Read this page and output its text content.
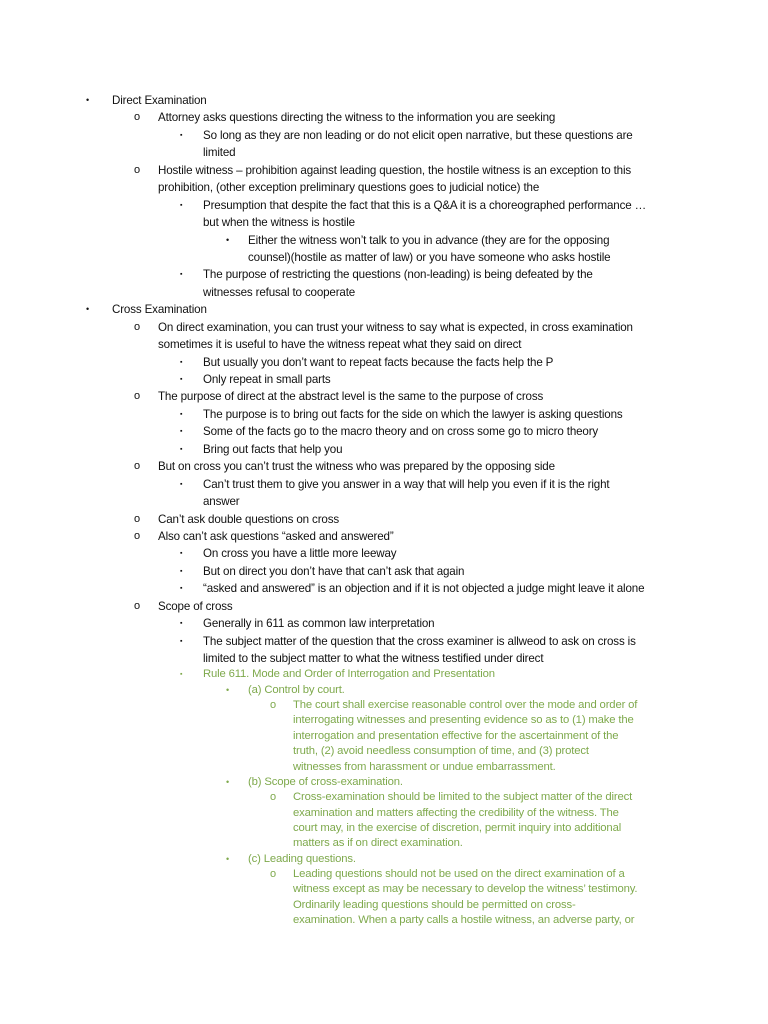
• Direct Examination
o Attorney asks questions directing the witness to the information you are seeking
▪ So long as they are non leading or do not elicit open narrative, but these questions are
limited
o Hostile witness – prohibition against leading question, the hostile witness is an exception to this
prohibition, (other exception preliminary questions goes to judicial notice) the
▪ Presumption that despite the fact that this is a Q&A it is a choreographed performance …
but when the witness is hostile
• Either the witness won’t talk to you in advance (they are for the opposing
counsel)(hostile as matter of law) or you have someone who asks hostile
▪ The purpose of restricting the questions (non-leading) is being defeated by the
witnesses refusal to cooperate
• Cross Examination
o On direct examination, you can trust your witness to say what is expected, in cross examination
sometimes it is useful to have the witness repeat what they said on direct
▪ But usually you don’t want to repeat facts because the facts help the P
▪ Only repeat in small parts
o The purpose of direct at the abstract level is the same to the purpose of cross
▪ The purpose is to bring out facts for the side on which the lawyer is asking questions
▪ Some of the facts go to the macro theory and on cross some go to micro theory
▪ Bring out facts that help you
o But on cross you can’t trust the witness who was prepared by the opposing side
▪ Can’t trust them to give you answer in a way that will help you even if it is the right
answer
o Can’t ask double questions on cross
o Also can’t ask questions “asked and answered”
▪ On cross you have a little more leeway
▪ But on direct you don’t have that can’t ask that again
▪ “asked and answered” is an objection and if it is not objected a judge might leave it alone
o Scope of cross
▪ Generally in 611 as common law interpretation
▪ The subject matter of the question that the cross examiner is allweod to ask on cross is
limited to the subject matter to what the witness testified under direct
▪ Rule 611. Mode and Order of Interrogation and Presentation
• (a) Control by court.
o The court shall exercise reasonable control over the mode and order of
interrogating witnesses and presenting evidence so as to (1) make the
interrogation and presentation effective for the ascertainment of the
truth, (2) avoid needless consumption of time, and (3) protect
witnesses from harassment or undue embarrassment.
• (b) Scope of cross-examination.
o Cross-examination should be limited to the subject matter of the direct
examination and matters affecting the credibility of the witness. The
court may, in the exercise of discretion, permit inquiry into additional
matters as if on direct examination.
• (c) Leading questions.
o Leading questions should not be used on the direct examination of a
witness except as may be necessary to develop the witness’ testimony.
Ordinarily leading questions should be permitted on cross-
examination. When a party calls a hostile witness, an adverse party, or
